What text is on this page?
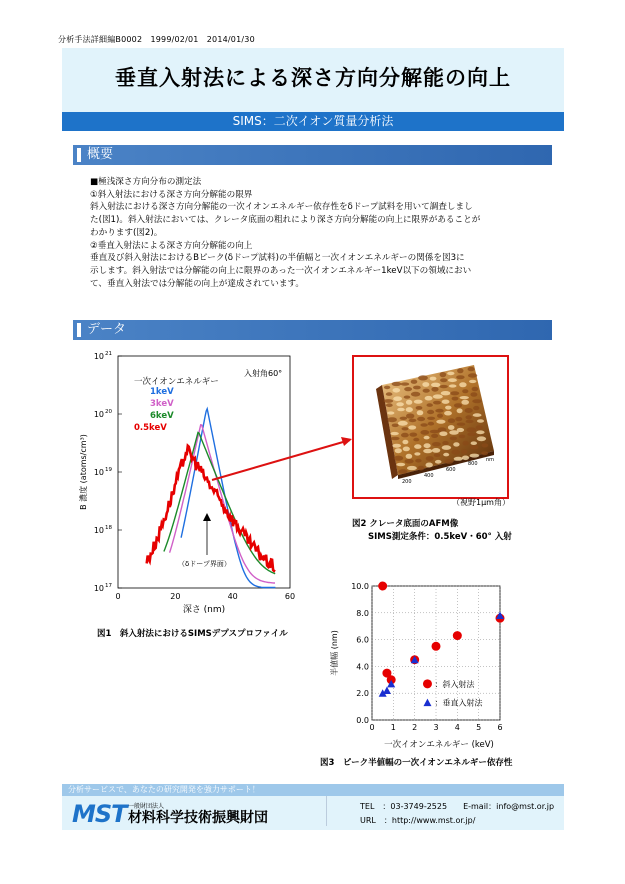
分析手法詳細編B0002　1999/02/01　2014/01/30
垂直入射法による深さ方向分解能の向上
SIMS：二次イオン質量分析法
概要
■極浅深さ方向分布の測定法
①斜入射法における深さ方向分解能の限界
斜入射法における深さ方向分解能の一次イオンエネルギー依存性をδドープ試料を用いて調査しまし
た(図1)。斜入射法においては、クレータ底面の粗れにより深さ方向分解能の向上に限界があることが
わかります(図2)。
②垂直入射法による深さ方向分解能の向上
垂直及び斜入射法におけるBピーク(δドープ試料)の半値幅と一次イオンエネルギーの関係を図3に
示します。斜入射法では分解能の向上に限界のあった一次イオンエネルギー1keV以下の領域におい
て、垂直入射法では分解能の向上が達成されています。
データ
0	20	40	60
10 17
10 18
10 19
10 20
10 21
深さ (nm)
B 濃度 (atoms/cm³)
一次イオンエネルギー
入射角60°
1keV
3keV
6keV
0.5keV
（δドープ界面）
図1　斜入射法におけるSIMSデプスプロファイル
200
400
600
800
nm
（視野1μm角）
図2 クレータ底面のAFM像
SIMS測定条件：0.5keV・60° 入射
0 1 2 3 4 5 6
0.0
2.0
4.0
6.0
8.0
10.0
：斜入射法
：垂直入射法
一次イオンエネルギー (keV)
半値幅 (nm)
図3　ピーク半値幅の一次イオンエネルギー依存性
分析サービスで、あなたの研究開発を強力サポート！
MST 一般財団法人
材料科学技術振興財団
TEL　：03-3749-2525　　E-mail：info@mst.or.jp
URL　：http://www.mst.or.jp/
